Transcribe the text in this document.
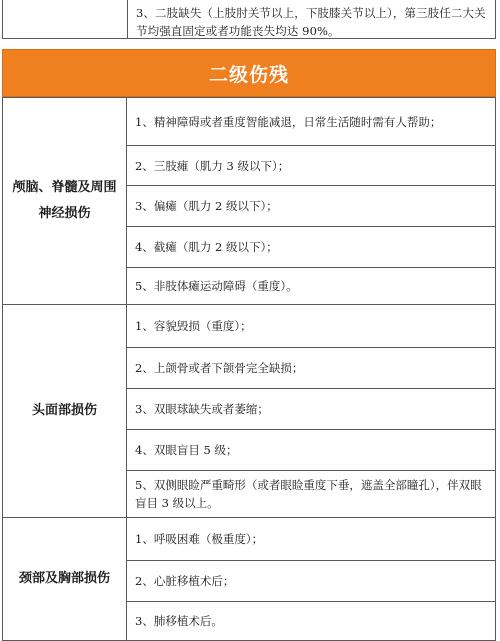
3、二肢缺失（上肢肘关节以上，下肢膝关节以上），第三肢任二大关节均强直固定或者功能丧失均达 90%。
二级伤残
颅脑、脊髓及周围神经损伤
1、精神障碍或者重度智能减退，日常生活随时需有人帮助；
2、三肢瘫（肌力 3 级以下）；
3、偏瘫（肌力 2 级以下）；
4、截瘫（肌力 2 级以下）；
5、非肢体瘫运动障碍（重度）。
头面部损伤
1、容貌毁损（重度）；
2、上颌骨或者下颌骨完全缺损；
3、双眼球缺失或者萎缩；
4、双眼盲目 5 级；
5、双侧眼睑严重畸形（或者眼睑重度下垂，遮盖全部瞳孔），伴双眼盲目 3 级以上。
颈部及胸部损伤
1、呼吸困难（极重度）；
2、心脏移植术后；
3、肺移植术后。
